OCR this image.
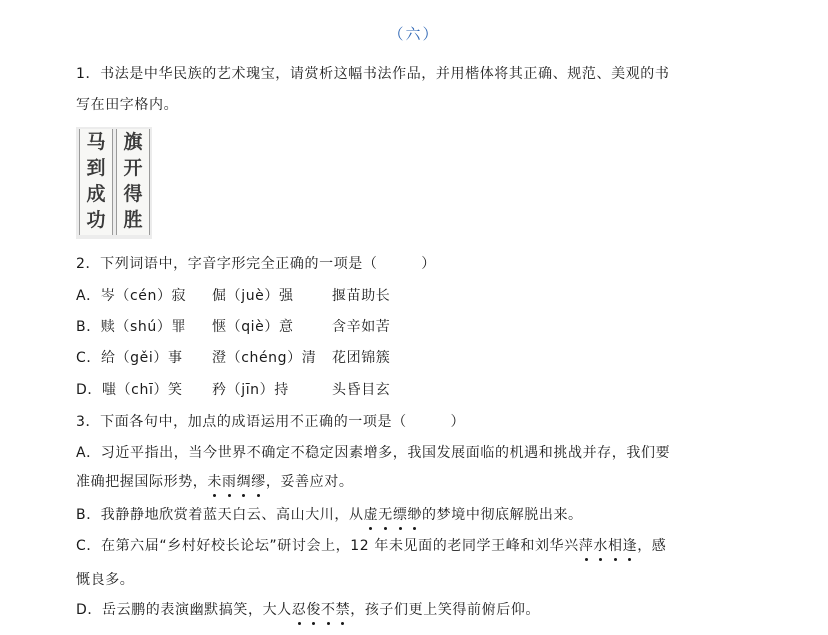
（六）
1．书法是中华民族的艺术瑰宝，请赏析这幅书法作品，并用楷体将其正确、规范、美观的书
写在田字格内。
马
到
成
功
旗
开
得
胜
2．下列词语中，字音字形完全正确的一项是（　　　）
A．岑（cén）寂 倔（juè）强	揠苗助长
B．赎（shú）罪 惬（qiè）意	含辛如苦
C．给（gěi）事 澄（chéng）清 花团锦簇
D．嗤（chī）笑 矜（jīn）持	头昏目玄
3．下面各句中，加点的成语运用不正确的一项是（　　　）
A．习近平指出，当今世界不确定不稳定因素增多，我国发展面临的机遇和挑战并存，我们要
准确把握国际形势，未雨绸缪，妥善应对。
B．我静静地欣赏着蓝天白云、高山大川，从虚无缥缈的梦境中彻底解脱出来。
C．在第六届“乡村好校长论坛”研讨会上，12 年未见面的老同学王峰和刘华兴萍水相逢，感
慨良多。
D．岳云鹏的表演幽默搞笑，大人忍俊不禁，孩子们更上笑得前俯后仰。
